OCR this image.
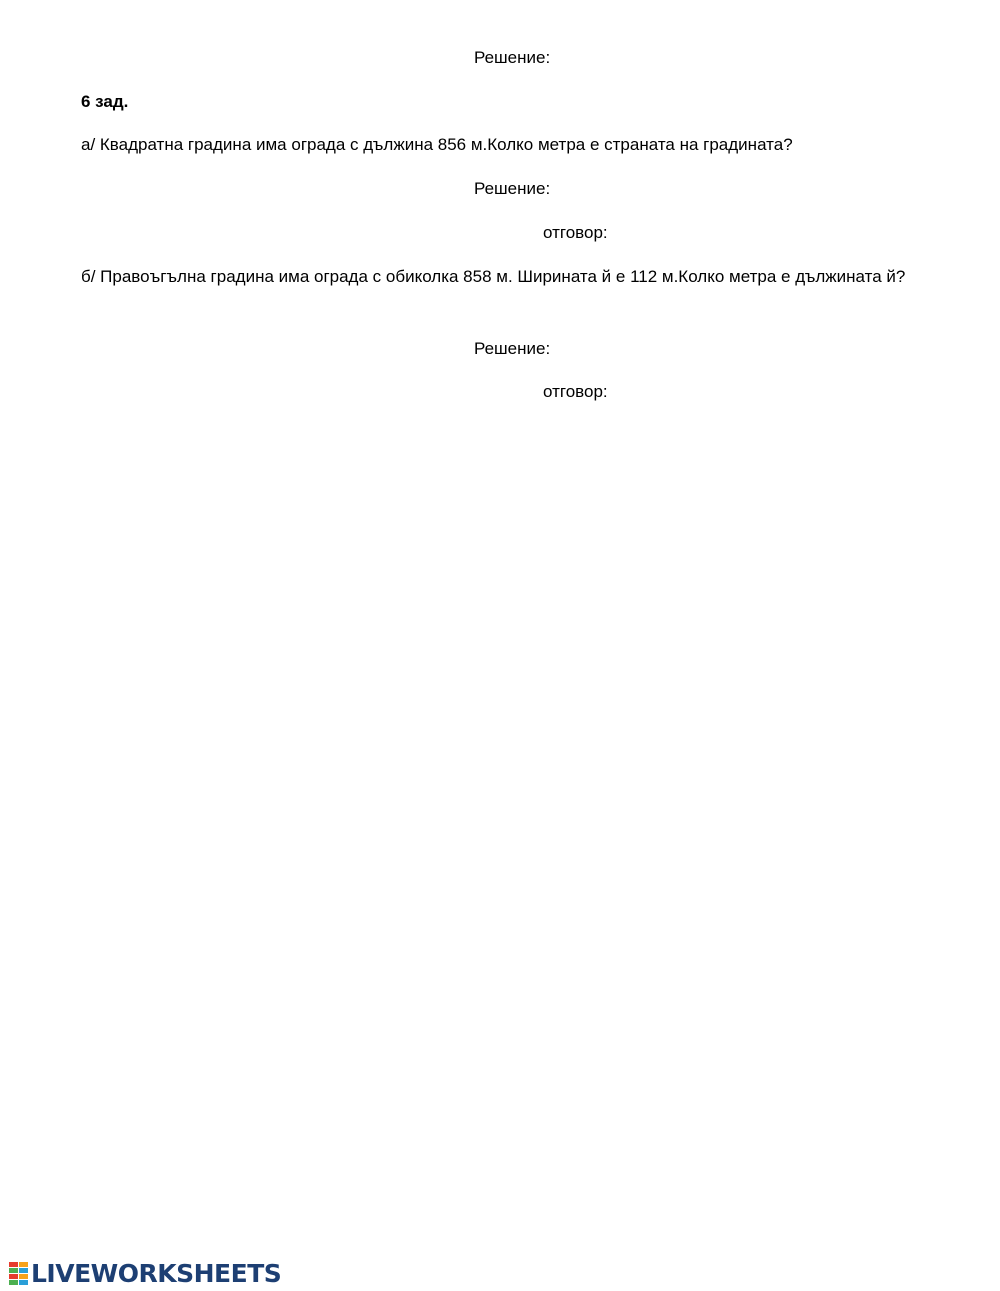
Решение:
6 зад.
а/ Квадратна градина има ограда с дължина 856 м.Колко метра е страната на градината?
Решение:
отговор:
б/ Правоъгълна градина има ограда с обиколка 858 м. Ширината й е 112 м.Колко метра е дължината й?
Решение:
отговор:
LIVEWORKSHEETS
